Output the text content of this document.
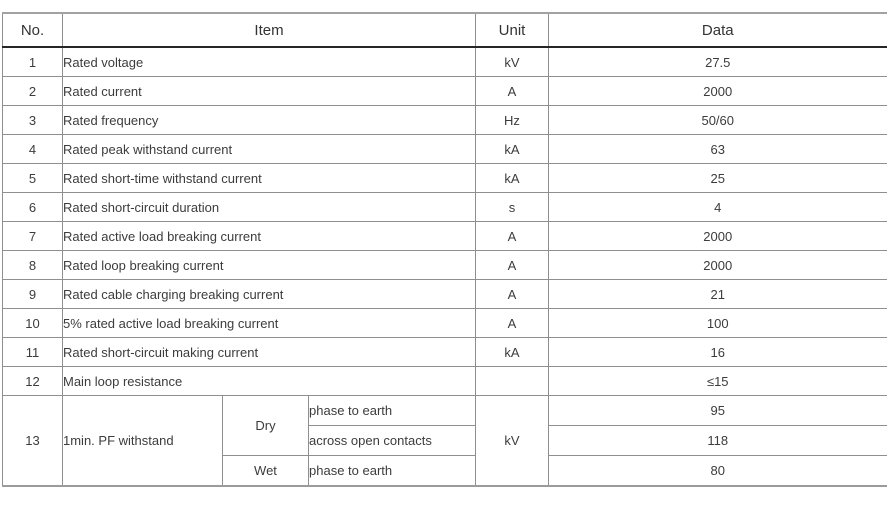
No.	Item			Unit	Data
1	Rated voltage			kV	27.5
2	Rated current			A	2000
3	Rated frequency			Hz	50/60
4	Rated peak withstand current			kA	63
5	Rated short-time withstand current			kA	25
6	Rated short-circuit duration			s	4
7	Rated active load breaking current			A	2000
8	Rated loop breaking current			A	2000
9	Rated cable charging breaking current			A	21
10	5% rated active load breaking current			A	100
11	Rated short-circuit making current			kA	16
12	Main loop resistance				≤15
13	1min. PF withstand	Dry	phase to earth	kV	95
			across open contacts		118
		Wet	phase to earth		80
